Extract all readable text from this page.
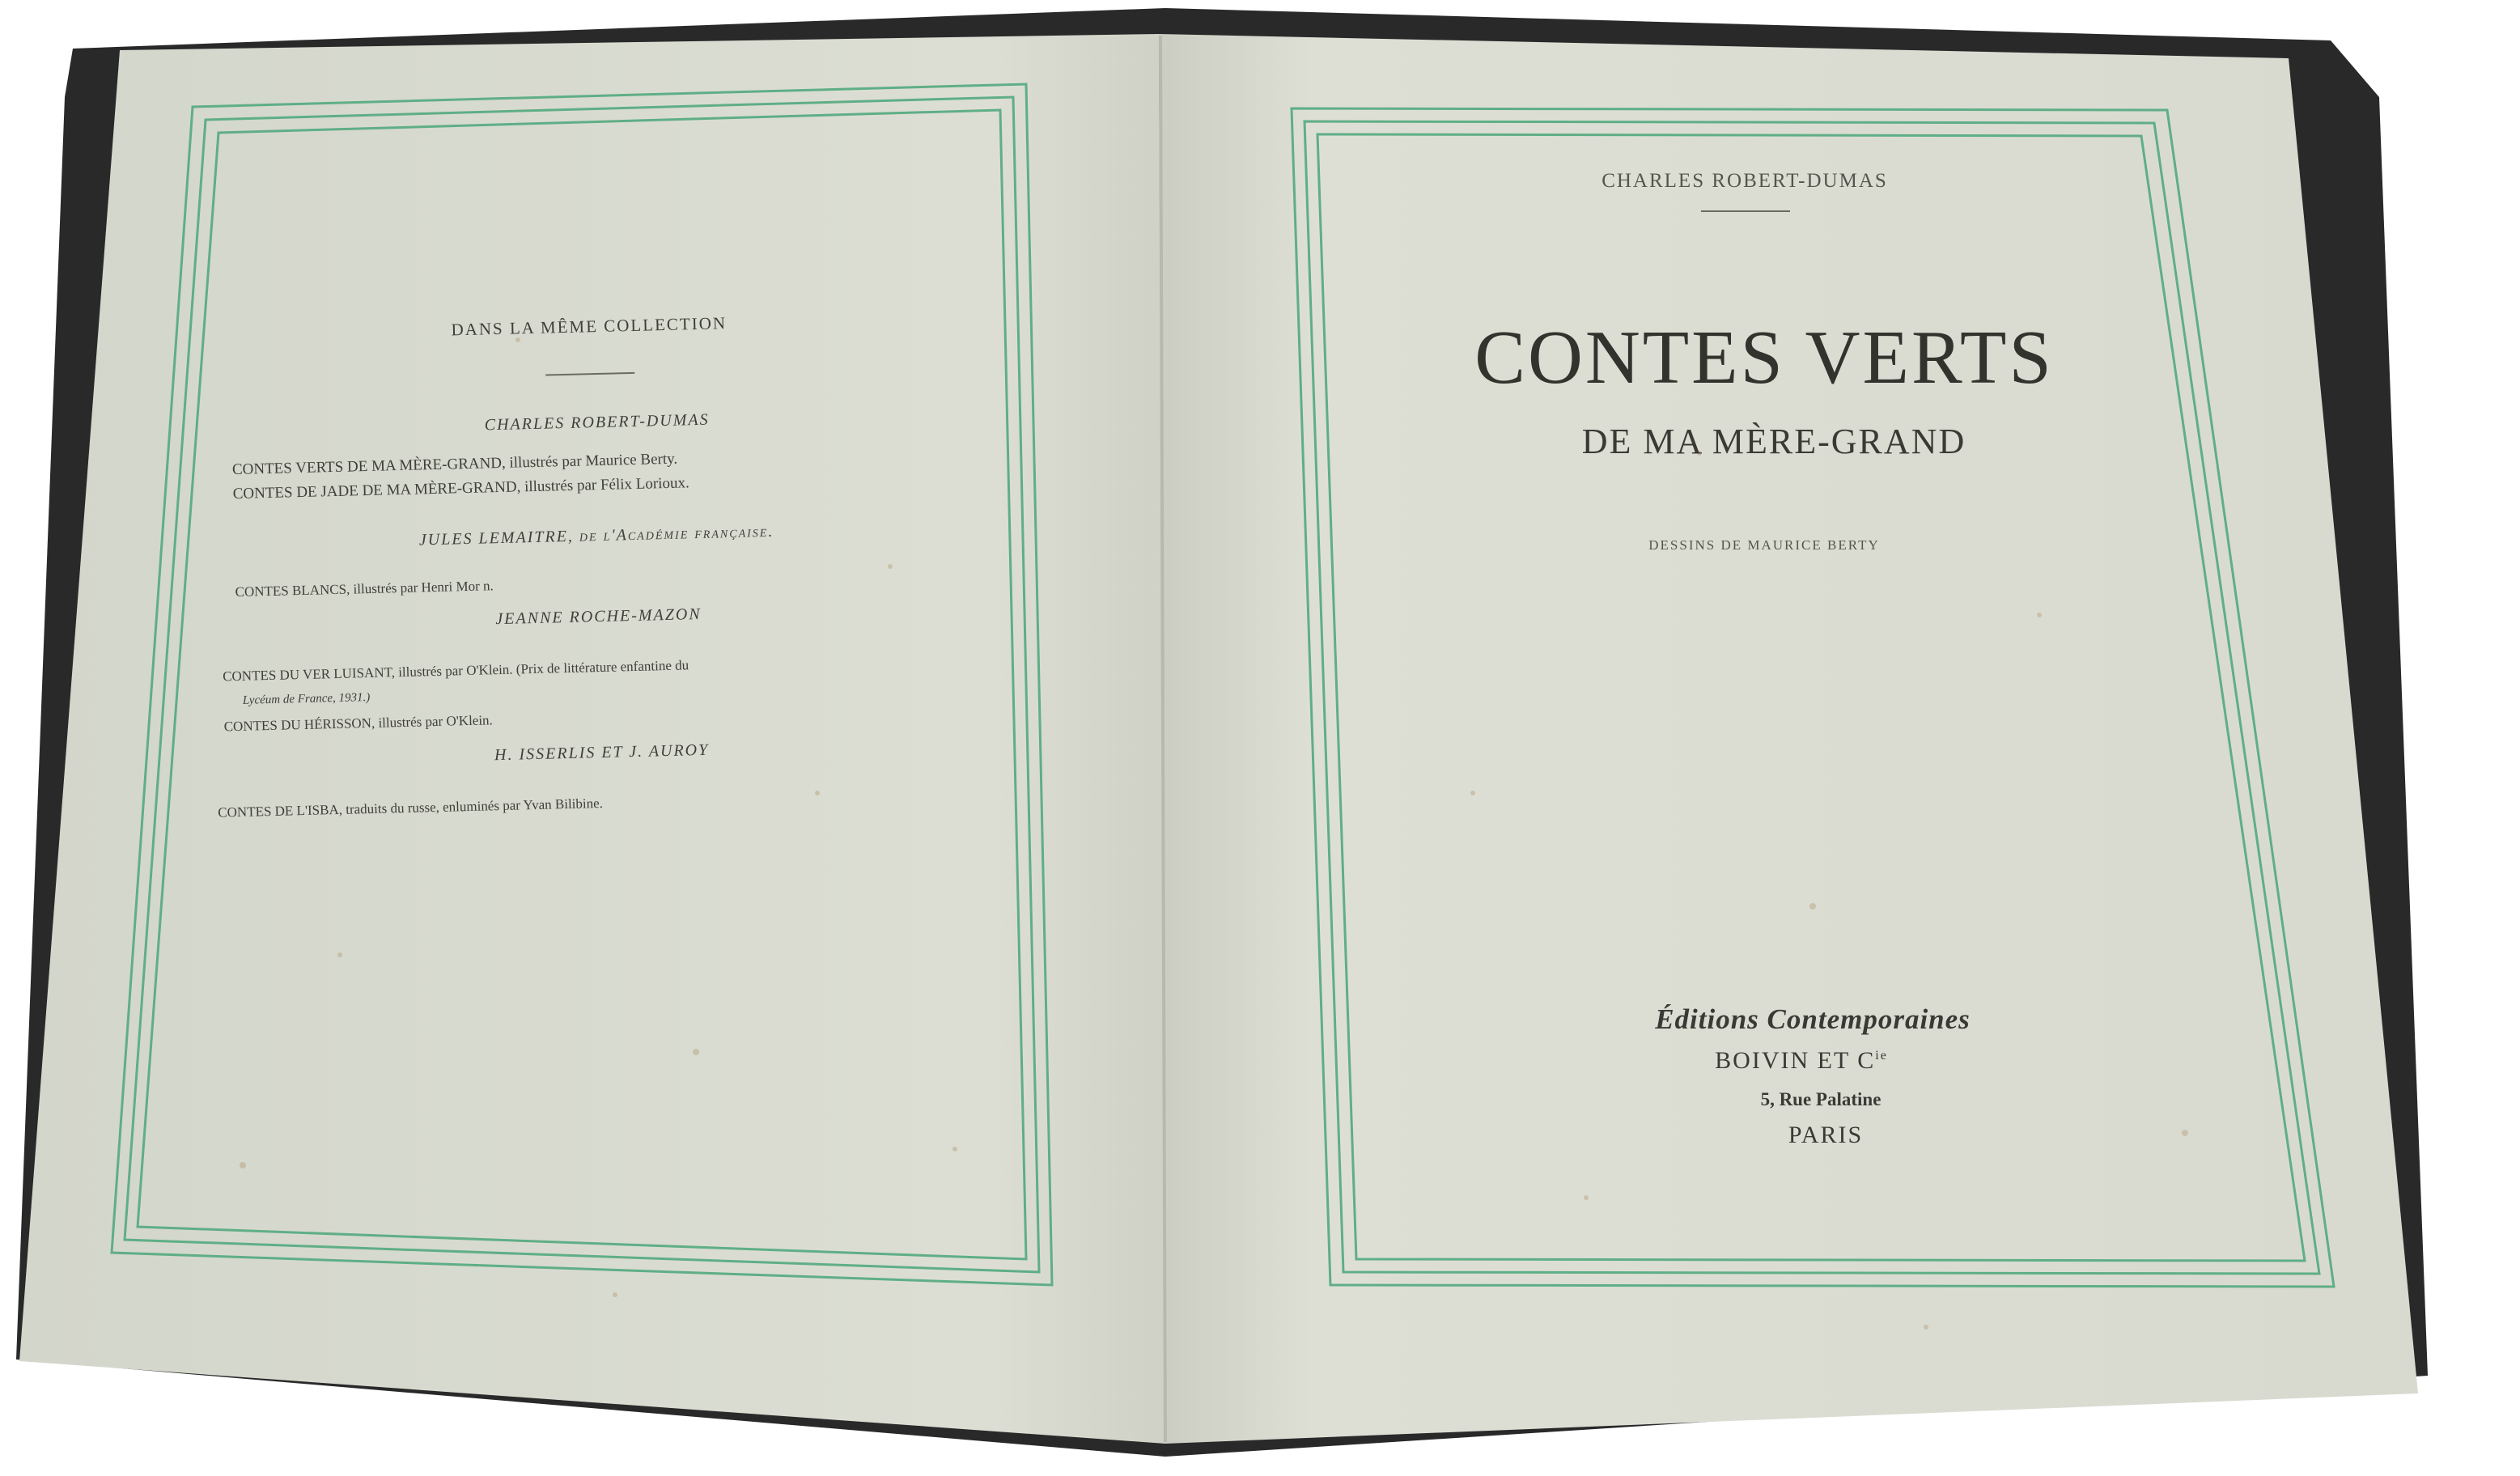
DANS LA MÊME COLLECTION
CHARLES ROBERT-DUMAS
CONTES VERTS DE MA MÈRE-GRAND, illustrés par Maurice Berty.
CONTES DE JADE DE MA MÈRE-GRAND, illustrés par Félix Lorioux.
JULES LEMAITRE, de l'Académie française.
CONTES BLANCS, illustrés par Henri Mor n.
JEANNE ROCHE-MAZON
CONTES DU VER LUISANT, illustrés par O'Klein. (Prix de littérature enfantine du
Lycéum de France, 1931.)
CONTES DU HÉRISSON, illustrés par O'Klein.
H. ISSERLIS ET J. AUROY
CONTES DE L'ISBA, traduits du russe, enluminés par Yvan Bilibine.
CHARLES ROBERT-DUMAS
CONTES VERTS
DE MA MÈRE-GRAND
DESSINS DE MAURICE BERTY
Éditions Contemporaines
BOIVIN ET $C^{ie}$
5, Rue Palatine
PARIS
